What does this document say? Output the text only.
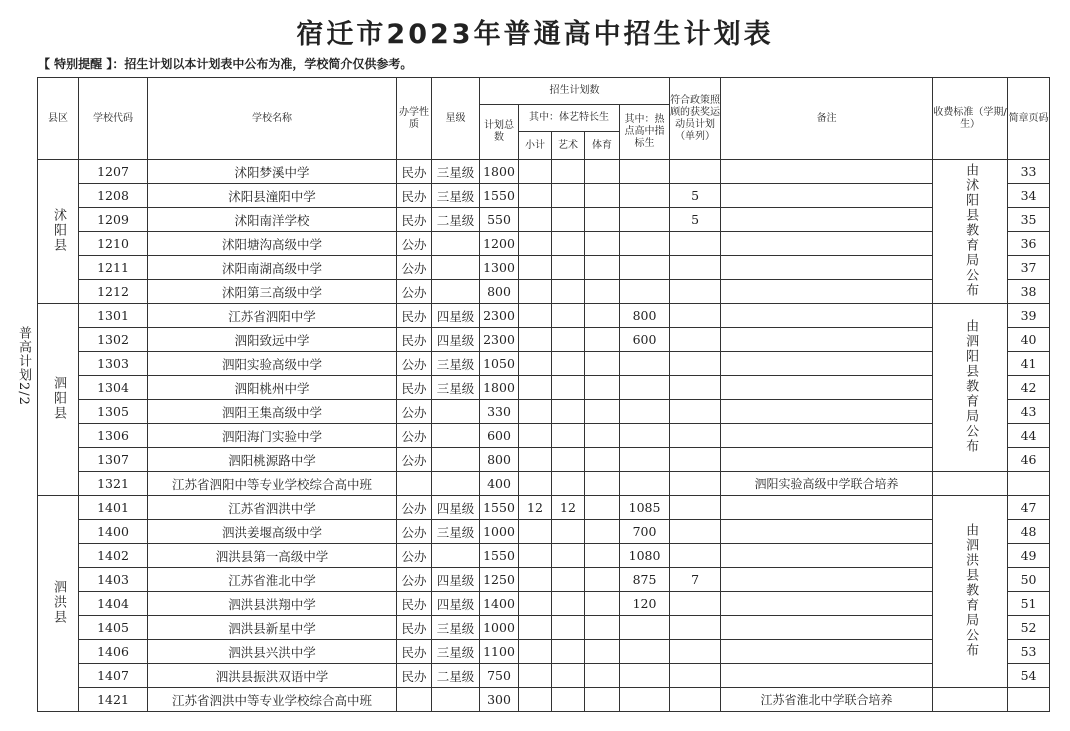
宿迁市2023年普通高中招生计划表
【 特别提醒 】：招生计划以本计划表中公布为准，学校简介仅供参考。
普高计划2/2
县区	学校代码	学校名称	办学性质	星级	招生计划数					符合政策照顾的获奖运动员计划（单列）	备注	收费标准（学期/生）	简章页码
					计划总数	其中：体艺特长生			其中：热点高中指标生				
						小计	艺术	体育					
沭阳县	1207	沭阳梦溪中学	民办	三星级	1800							由沭阳县教育局公布	33
	1208	沭阳县潼阳中学	民办	三星级	1550					5			34
	1209	沭阳南洋学校	民办	二星级	550					5			35
	1210	沭阳塘沟高级中学	公办		1200								36
	1211	沭阳南湖高级中学	公办		1300								37
	1212	沭阳第三高级中学	公办		800								38
泗阳县	1301	江苏省泗阳中学	民办	四星级	2300				800			由泗阳县教育局公布	39
	1302	泗阳致远中学	民办	四星级	2300				600				40
	1303	泗阳实验高级中学	公办	三星级	1050								41
	1304	泗阳桃州中学	民办	三星级	1800								42
	1305	泗阳王集高级中学	公办		330								43
	1306	泗阳海门实验中学	公办		600								44
	1307	泗阳桃源路中学	公办		800								46
	1321	江苏省泗阳中等专业学校综合高中班			400						泗阳实验高级中学联合培养		
泗洪县	1401	江苏省泗洪中学	公办	四星级	1550	12	12		1085			由泗洪县教育局公布	47
	1400	泗洪姜堰高级中学	公办	三星级	1000				700				48
	1402	泗洪县第一高级中学	公办		1550				1080				49
	1403	江苏省淮北中学	公办	四星级	1250				875	7			50
	1404	泗洪县洪翔中学	民办	四星级	1400				120				51
	1405	泗洪县新星中学	民办	三星级	1000								52
	1406	泗洪县兴洪中学	民办	三星级	1100								53
	1407	泗洪县振洪双语中学	民办	二星级	750								54
	1421	江苏省泗洪中等专业学校综合高中班			300						江苏省淮北中学联合培养		
